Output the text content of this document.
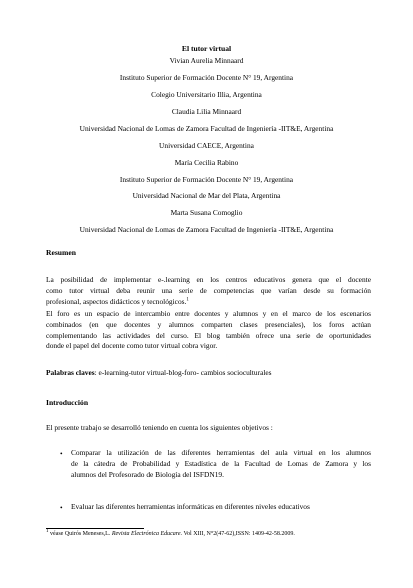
El tutor virtual
Vivian Aurelia Minnaard
Instituto Superior de Formación Docente N° 19, Argentina
Colegio Universitario Illia, Argentina
Claudia Lilia Minnaard
Universidad Nacional de Lomas de Zamora Facultad de Ingeniería -IIT&E, Argentina
Universidad CAECE, Argentina
María Cecilia Rabino
Instituto Superior de Formación Docente N° 19, Argentina
Universidad Nacional de Mar del Plata, Argentina
Marta Susana Comoglio
Universidad Nacional de Lomas de Zamora Facultad de Ingeniería -IIT&E, Argentina
Resumen
La posibilidad de implementar e-.learning en los centros educativos genera que el docente
como tutor virtual deba reunir una serie de competencias que varían desde su formación
profesional, aspectos didácticos y tecnológicos.$^1$
El foro es un espacio de intercambio entre docentes y alumnos y en el marco de los escenarios
combinados (en que docentes y alumnos comparten clases presenciales), los foros actúan
complementando las actividades del curso. El blog también ofrece una serie de oportunidades
donde el papel del docente como tutor virtual cobra vigor.
Palabras claves: e-learning-tutor virtual-blog-foro- cambios socioculturales
Introducción
El presente trabajo se desarrolló teniendo en cuenta los siguientes objetivos :
• Comparar la utilización de las diferentes herramientas del aula virtual en los alumnos
de la cátedra de Probabilidad y Estadística de la Facultad de Lomas de Zamora y los
alumnos del Profesorado de Biología del ISFDN19.
• Evaluar las diferentes herramientas informáticas en diferentes niveles educativos
$^1$ véase Quirós Meneses,L. Revista Electrónica Educare. Vol XIII, N°2(47-62),ISSN: 1409-42-58.2009.
